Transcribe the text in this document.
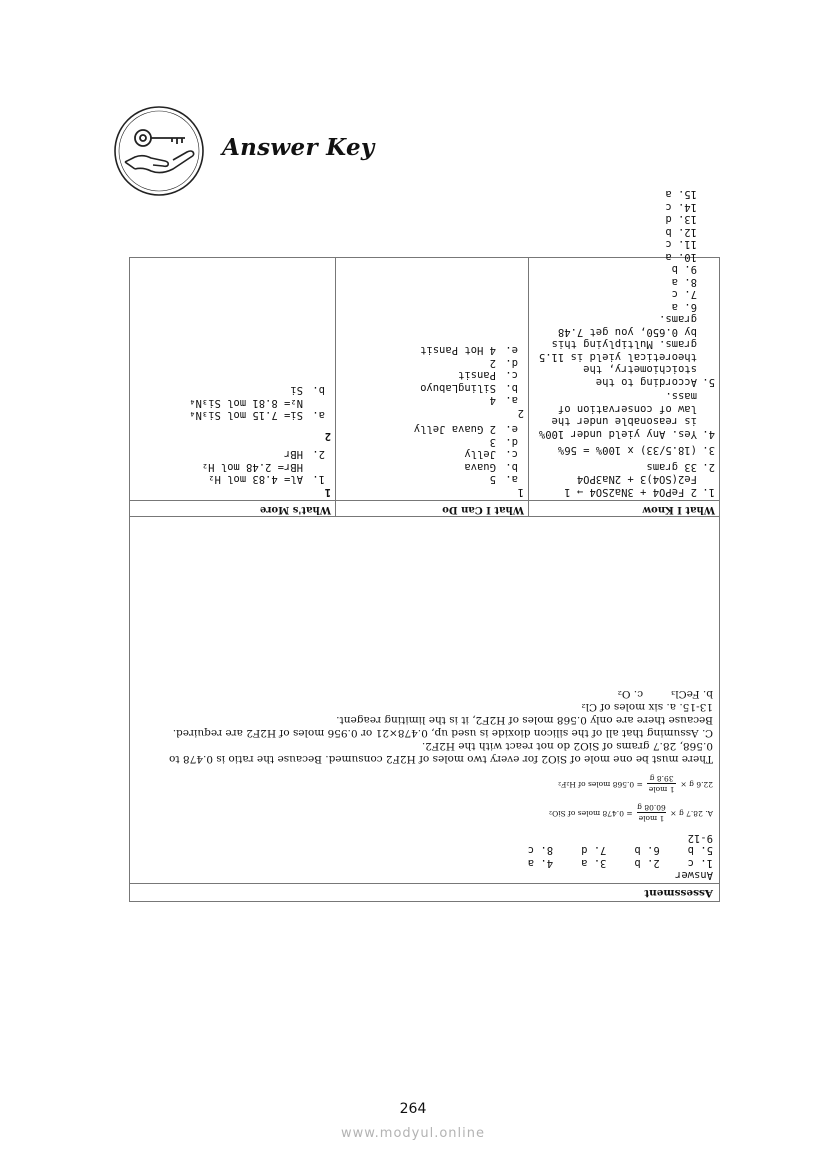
Answer Key
Assessment
Answer
1. c
2. b
3. a
4. a
5. b
6. b
7. d
8. c
9-12
A. 28.7 g ×
1 mole
60.08 g
= 0.478 moles of SiO₂
22.6 g ×
1 mole
39.8 g
= 0.568 moles of H₂F₂
There must be one mole of SiO2 for every two moles of H2F2 consumed. Because the ratio is 0.478 to 0.568, 28.7 grams of SiO2 do not react with the H2F2.
C. Assuming that all of the silicon dioxide is used up, 0.478×21 or 0.956 moles of H2F2 are required. Because there are only 0.568 moles of H2F2, it is the limiting reagent.
13-15. a. six moles of Cl₂
b. FeCl₃
c. O₂
What I Know
1.
2 FePO4 + 3Na2SO4 → 1 Fe2(SO4)3 + 2Na3PO4
2.
33 grams
3.
(18.5/33) x 100% = 56%
4.
Yes. Any yield under 100% is reasonable under the law of conservation of mass.
5.
According to the stoichiometry, the theoretical yield is 11.5 grams. Multiplying this by 0.650, you get 7.48 grams.
6. a
7. c
8. a
9. b
10. a
11. c
12. b
13. d
14. c
15. a
What I Can Do
1
a.
5
b.
Guava
c.
Jelly
d.
3
e.
2 Guava Jelly
2
a.
4
b.
SilingLabuyo
c.
Pansit
d.
2
e.
4 Hot Pansit
What's More
1
1.
Al= 4.83 mol H₂
HBr= 2.48 mol H₂
2.
HBr
2
a.
Si= 7.15 mol Si₃N₄
N₂= 8.81 mol Si₃N₄
b.
Si
264
www.modyul.online
